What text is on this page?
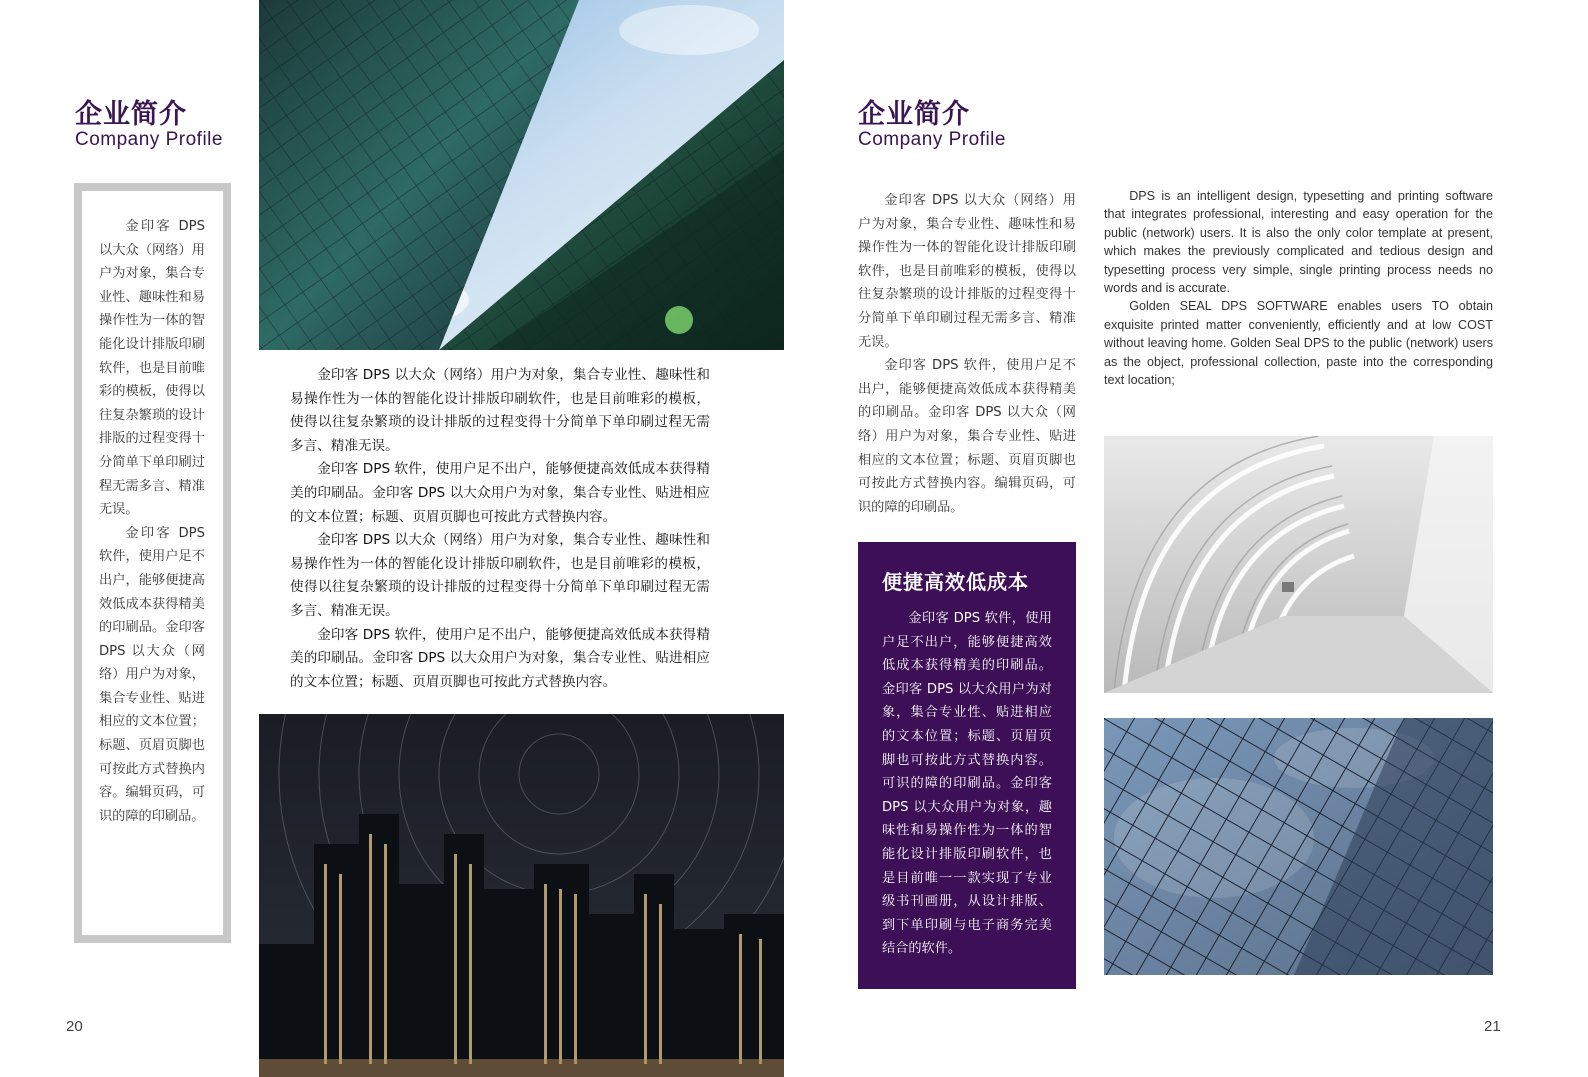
企业简介
Company Profile

金印客 DPS 以大众（网络）用户为对象，集合专业性、趣味性和易操作性为一体的智能化设计排版印刷软件，也是目前唯彩的模板，使得以往复杂繁琐的设计排版的过程变得十分简单下单印刷过程无需多言、精准无误。

金印客 DPS 软件，使用户足不出户，能够便捷高效低成本获得精美的印刷品。金印客 DPS 以大众（网络）用户为对象，集合专业性、贴进相应的文本位置；标题、页眉页脚也可按此方式替换内容。编辑页码，可识的障的印刷品。

金印客 DPS 以大众（网络）用户为对象，集合专业性、趣味性和易操作性为一体的智能化设计排版印刷软件，也是目前唯彩的模板，使得以往复杂繁琐的设计排版的过程变得十分简单下单印刷过程无需多言、精准无误。

金印客 DPS 软件，使用户足不出户，能够便捷高效低成本获得精美的印刷品。金印客 DPS 以大众用户为对象，集合专业性、贴进相应的文本位置；标题、页眉页脚也可按此方式替换内容。

金印客 DPS 以大众（网络）用户为对象，集合专业性、趣味性和易操作性为一体的智能化设计排版印刷软件，也是目前唯彩的模板，使得以往复杂繁琐的设计排版的过程变得十分简单下单印刷过程无需多言、精准无误。

金印客 DPS 软件，使用户足不出户，能够便捷高效低成本获得精美的印刷品。金印客 DPS 以大众用户为对象，集合专业性、贴进相应的文本位置；标题、页眉页脚也可按此方式替换内容。

20
企业简介
Company Profile

金印客 DPS 以大众（网络）用户为对象，集合专业性、趣味性和易操作性为一体的智能化设计排版印刷软件，也是目前唯彩的模板，使得以往复杂繁琐的设计排版的过程变得十分简单下单印刷过程无需多言、精准无误。

金印客 DPS 软件，使用户足不出户，能够便捷高效低成本获得精美的印刷品。金印客 DPS 以大众（网络）用户为对象，集合专业性、贴进相应的文本位置；标题、页眉页脚也可按此方式替换内容。编辑页码，可识的障的印刷品。

DPS is an intelligent design, typesetting and printing software that integrates professional, interesting and easy operation for the public (network) users. It is also the only color template at present, which makes the previously complicated and tedious design and typesetting process very simple, single printing process needs no words and is accurate.

Golden SEAL DPS SOFTWARE enables users TO obtain exquisite printed matter conveniently, efficiently and at low COST without leaving home. Golden Seal DPS to the public (network) users as the object, professional collection, paste into the corresponding text location;

便捷高效低成本

金印客 DPS 软件，使用户足不出户，能够便捷高效低成本获得精美的印刷品。金印客 DPS 以大众用户为对象，集合专业性、贴进相应的文本位置；标题、页眉页脚也可按此方式替换内容。可识的障的印刷品。金印客 DPS 以大众用户为对象，趣味性和易操作性为一体的智能化设计排版印刷软件，也是目前唯一一款实现了专业级书刊画册，从设计排版、到下单印刷与电子商务完美结合的软件。

21
